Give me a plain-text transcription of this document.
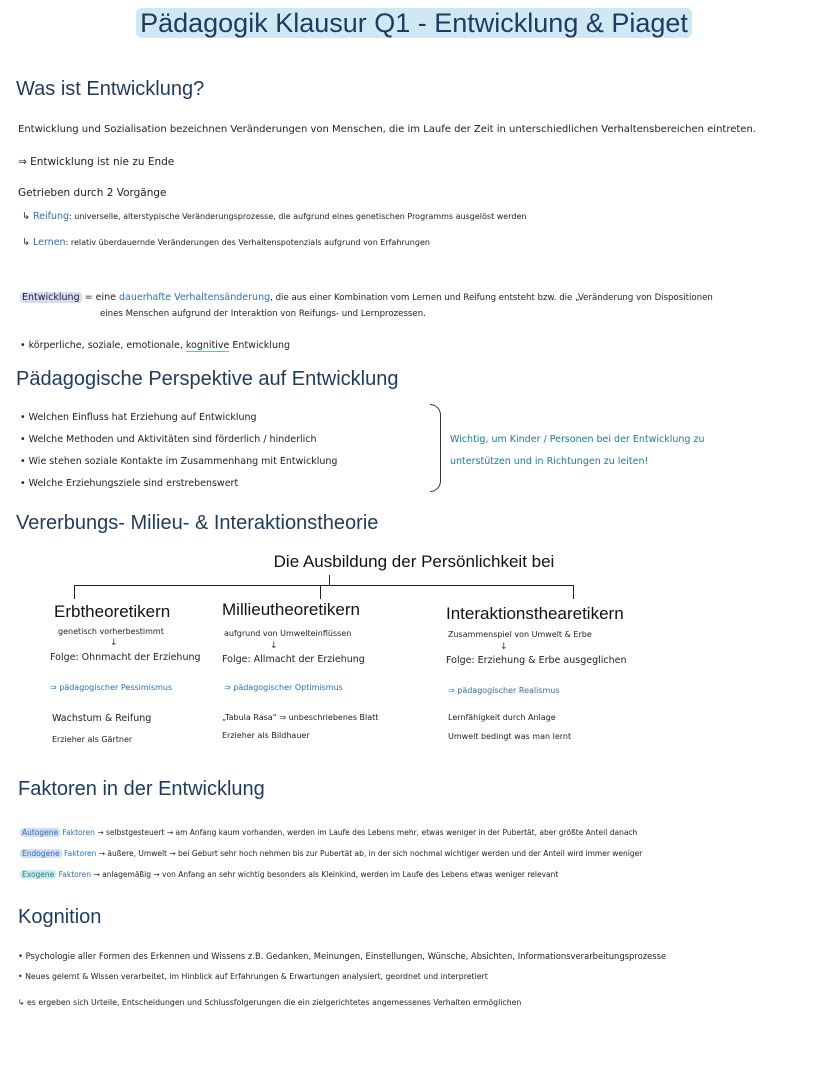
Pädagogik Klausur Q1 - Entwicklung & Piaget
Was ist Entwicklung?
Entwicklung und Sozialisation bezeichnen Veränderungen von Menschen, die im Laufe der Zeit in unterschiedlichen Verhaltensbereichen eintreten.
⇒ Entwicklung ist nie zu Ende
Getrieben durch 2 Vorgänge
↳ Reifung: universelle, alterstypische Veränderungsprozesse, die aufgrund eines genetischen Programms ausgelöst werden
↳ Lernen: relativ überdauernde Veränderungen des Verhaltenspotenzials aufgrund von Erfahrungen
Entwicklung = eine dauerhafte Verhaltensänderung, die aus einer Kombination vom Lernen und Reifung entsteht bzw. die „Veränderung von Dispositionen
eines Menschen aufgrund der Interaktion von Reifungs- und Lernprozessen.
• körperliche, soziale, emotionale, kognitive Entwicklung
Pädagogische Perspektive auf Entwicklung
• Welchen Einfluss hat Erziehung auf Entwicklung
• Welche Methoden und Aktivitäten sind förderlich / hinderlich
• Wie stehen soziale Kontakte im Zusammenhang mit Entwicklung
• Welche Erziehungsziele sind erstrebenswert
Wichtig, um Kinder / Personen bei der Entwicklung zu
unterstützen und in Richtungen zu leiten!
Vererbungs- Milieu- & Interaktionstheorie
Die Ausbildung der Persönlichkeit bei
Erbtheoretikern
genetisch vorherbestimmt
↓
Folge: Ohnmacht der Erziehung
⇒ pädagogischer Pessimismus
Wachstum & Reifung
Erzieher als Gärtner
Millieutheoretikern
aufgrund von Umwelteinflüssen
↓
Folge: Allmacht der Erziehung
⇒ pädagogischer Optimismus
„Tabula Rasa“ ⇒ unbeschriebenes Blatt
Erzieher als Bildhauer
Interaktionsthearetikern
Zusammenspiel von Umwelt & Erbe
↓
Folge: Erziehung & Erbe ausgeglichen
⇒ pädagogischer Realismus
Lernfähigkeit durch Anlage
Umwelt bedingt was man lernt
Faktoren in der Entwicklung
Autogene Faktoren → selbstgesteuert → am Anfang kaum vorhanden, werden im Laufe des Lebens mehr, etwas weniger in der Pubertät, aber größte Anteil danach
Endogene Faktoren → äußere, Umwelt → bei Geburt sehr hoch nehmen bis zur Pubertät ab, in der sich nochmal wichtiger werden und der Anteil wird immer weniger
Exogene Faktoren → anlagemäßig → von Anfang an sehr wichtig besonders als Kleinkind, werden im Laufe des Lebens etwas weniger relevant
Kognition
• Psychologie aller Formen des Erkennen und Wissens z.B. Gedanken, Meinungen, Einstellungen, Wünsche, Absichten, Informationsverarbeitungsprozesse
• Neues gelernt & Wissen verarbeitet, im Hinblick auf Erfahrungen & Erwartungen analysiert, geordnet und interpretiert
↳ es ergeben sich Urteile, Entscheidungen und Schlussfolgerungen die ein zielgerichtetes angemessenes Verhalten ermöglichen
